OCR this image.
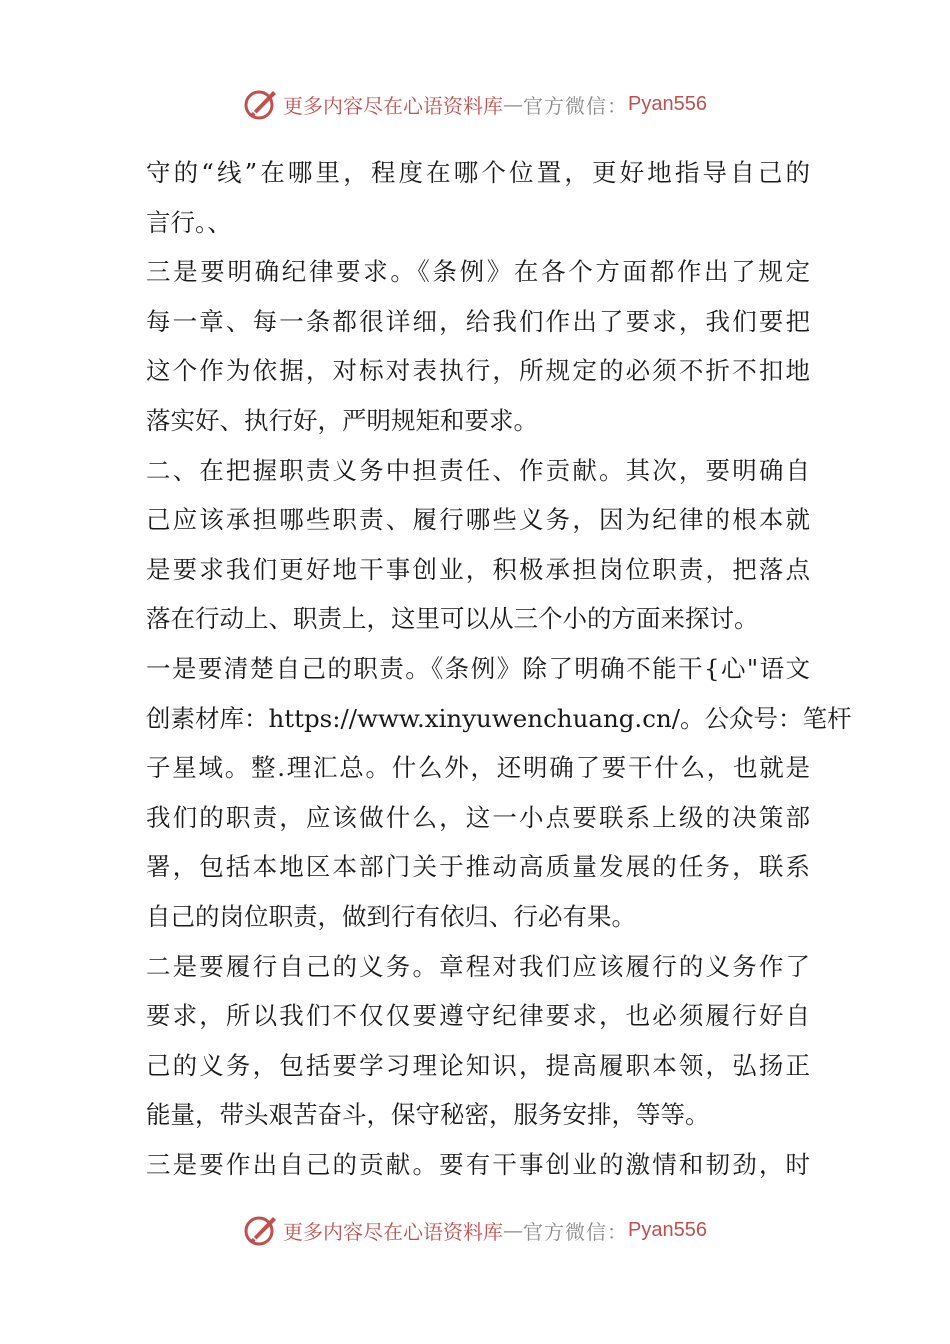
更多内容尽在心语资料库 — 官方微信： Pyan556
守的“线”在哪里，程度在哪个位置，更好地指导自己的
言行。、
三是要明确纪律要求。《条例》在各个方面都作出了规定
每一章、每一条都很详细，给我们作出了要求，我们要把
这个作为依据，对标对表执行，所规定的必须不折不扣地
落实好、执行好，严明规矩和要求。
二、在把握职责义务中担责任、作贡献。其次，要明确自
己应该承担哪些职责、履行哪些义务，因为纪律的根本就
是要求我们更好地干事创业，积极承担岗位职责，把落点
落在行动上、职责上，这里可以从三个小的方面来探讨。
一是要清楚自己的职责。《条例》除了明确不能干{心"语文
创素材库：https://www.xinyuwenchuang.cn/。公众号：笔杆
子星域。整.理汇总。什么外，还明确了要干什么，也就是
我们的职责，应该做什么，这一小点要联系上级的决策部
署，包括本地区本部门关于推动高质量发展的任务，联系
自己的岗位职责，做到行有依归、行必有果。
二是要履行自己的义务。章程对我们应该履行的义务作了
要求，所以我们不仅仅要遵守纪律要求，也必须履行好自
己的义务，包括要学习理论知识，提高履职本领，弘扬正
能量，带头艰苦奋斗，保守秘密，服务安排，等等。
三是要作出自己的贡献。要有干事创业的激情和韧劲，时
更多内容尽在心语资料库 — 官方微信： Pyan556
